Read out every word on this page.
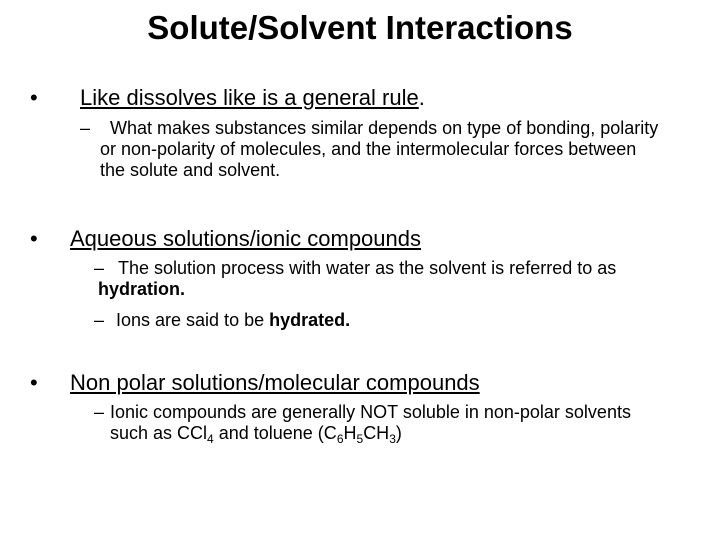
Solute/Solvent Interactions
• Like dissolves like is a general rule.
–	What makes substances similar depends on type of bonding, polarity or non-polarity of molecules, and the intermolecular forces between the solute and solvent.
• Aqueous solutions/ionic compounds
– The solution process with water as the solvent is referred to as hydration.
– Ions are said to be hydrated.
• Non polar solutions/molecular compounds
– Ionic compounds are generally NOT soluble in non-polar solvents such as CCl$_4$ and toluene $(C_6H_5CH_3)$
